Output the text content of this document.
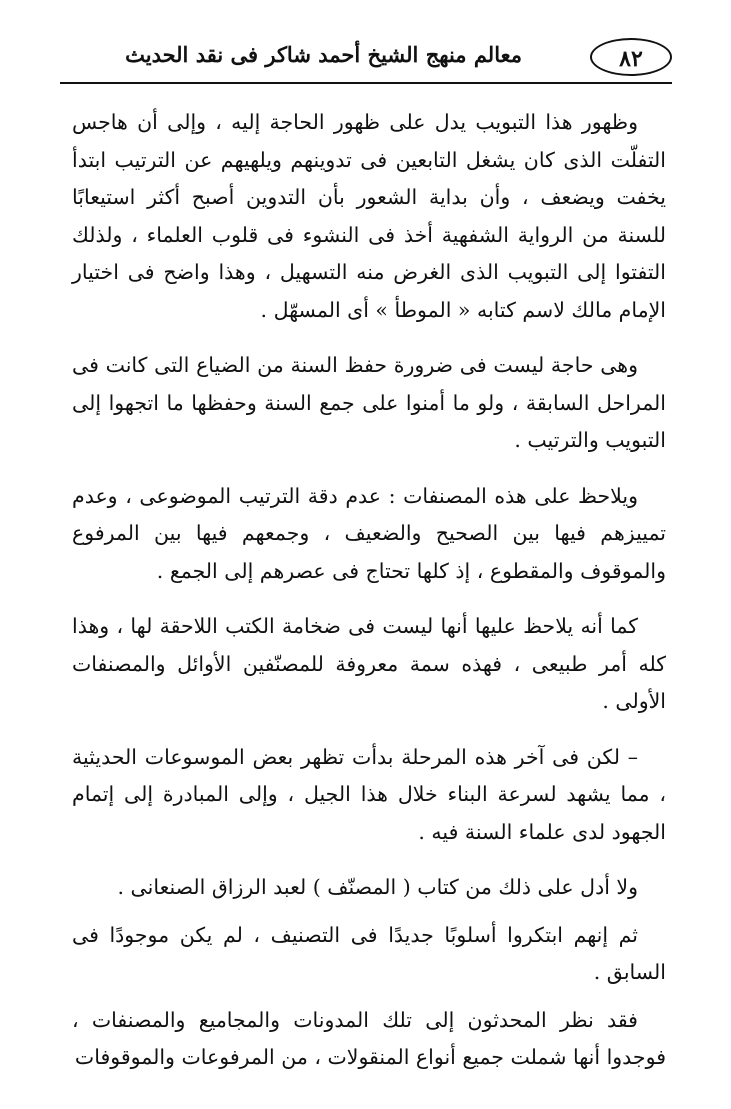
٨٢
معالم منهج الشيخ أحمد شاكر فى نقد الحديث

وظهور هذا التبويب يدل على ظهور الحاجة إليه ، وإلى أن هاجس التفلّت الذى كان يشغل التابعين فى تدوينهم ويلهيهم عن الترتيب ابتدأ يخفت ويضعف ، وأن بداية الشعور بأن التدوين أصبح أكثر استيعابًا للسنة من الرواية الشفهية أخذ فى النشوء فى قلوب العلماء ، ولذلك التفتوا إلى التبويب الذى الغرض منه التسهيل ، وهذا واضح فى اختيار الإمام مالك لاسم كتابه « الموطأ » أى المسهّل .

وهى حاجة ليست فى ضرورة حفظ السنة من الضياع التى كانت فى المراحل السابقة ، ولو ما أمنوا على جمع السنة وحفظها ما اتجهوا إلى التبويب والترتيب .

ويلاحظ على هذه المصنفات : عدم دقة الترتيب الموضوعى ، وعدم تمييزهم فيها بين الصحيح والضعيف ، وجمعهم فيها بين المرفوع والموقوف والمقطوع ، إذ كلها تحتاج فى عصرهم إلى الجمع .

كما أنه يلاحظ عليها أنها ليست فى ضخامة الكتب اللاحقة لها ، وهذا كله أمر طبيعى ، فهذه سمة معروفة للمصنّفين الأوائل والمصنفات الأولى .

– لكن فى آخر هذه المرحلة بدأت تظهر بعض الموسوعات الحديثية ، مما يشهد لسرعة البناء خلال هذا الجيل ، وإلى المبادرة إلى إتمام الجهود لدى علماء السنة فيه .

ولا أدل على ذلك من كتاب ( المصنّف ) لعبد الرزاق الصنعانى .

ثم إنهم ابتكروا أسلوبًا جديدًا فى التصنيف ، لم يكن موجودًا فى السابق .

فقد نظر المحدثون إلى تلك المدونات والمجاميع والمصنفات ، فوجدوا أنها شملت جميع أنواع المنقولات ، من المرفوعات والموقوفات
